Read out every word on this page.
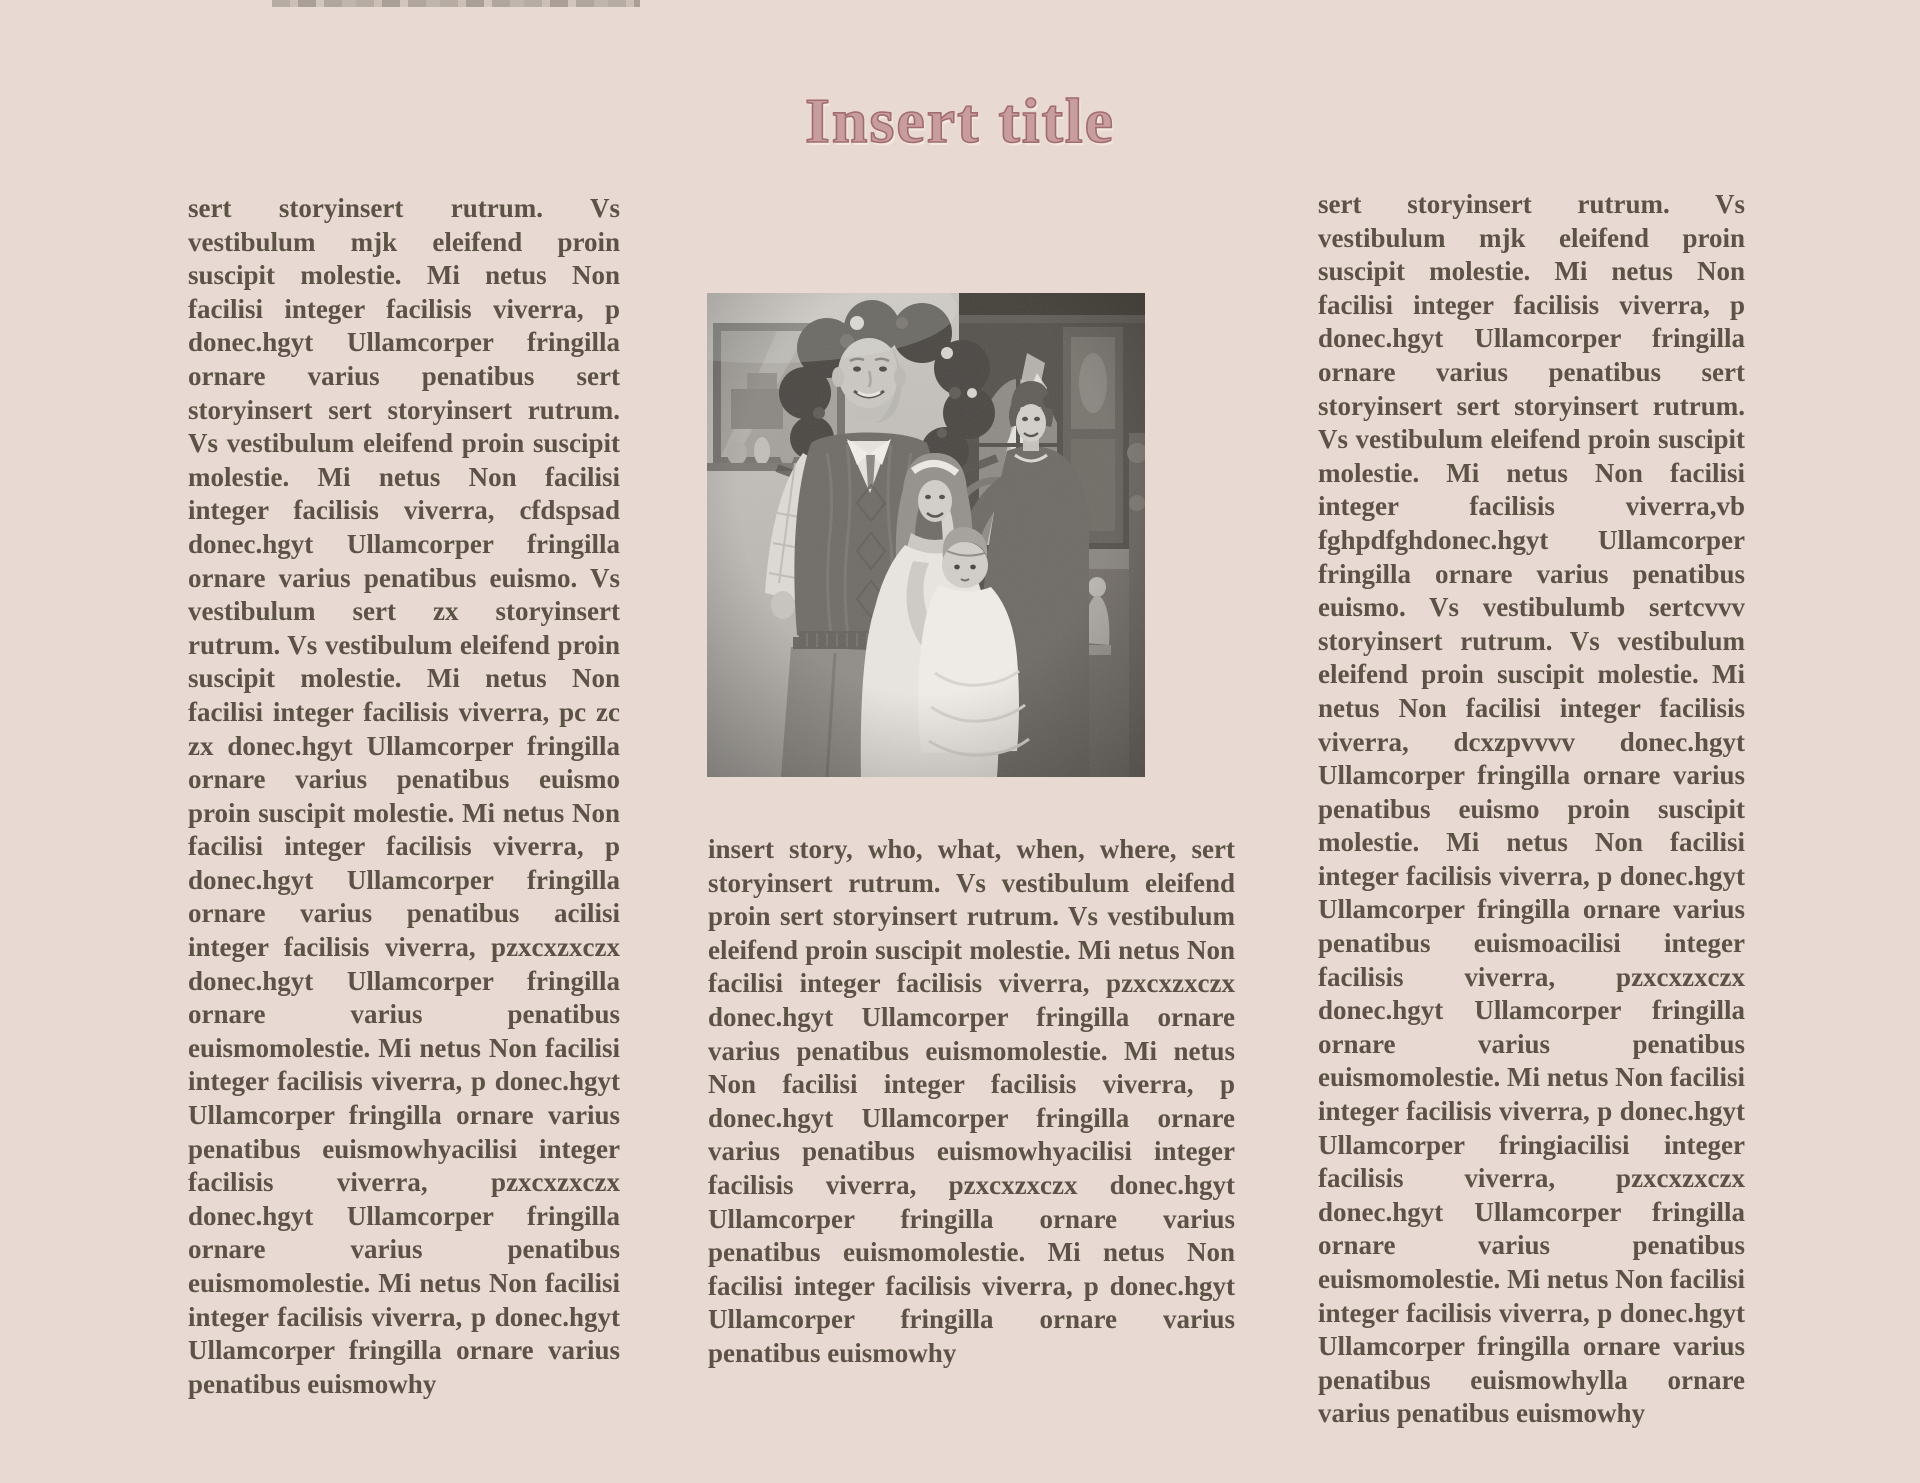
Insert title
sert storyinsert rutrum. Vs vestibulum mjk eleifend proin suscipit molestie. Mi netus Non facilisi integer facilisis viverra, p donec.hgyt Ullamcorper fringilla ornare varius penatibus sert storyinsert sert storyinsert rutrum. Vs vestibulum eleifend proin suscipit molestie. Mi netus Non facilisi integer facilisis viverra, cfdspsad donec.hgyt Ullamcorper fringilla ornare varius penatibus euismo. Vs vestibulum sert zx storyinsert rutrum. Vs vestibulum eleifend proin suscipit molestie. Mi netus Non facilisi integer facilisis viverra, pc zc zx donec.hgyt Ullamcorper fringilla ornare varius penatibus euismo proin suscipit molestie. Mi netus Non facilisi integer facilisis viverra, p donec.hgyt Ullamcorper fringilla ornare varius penatibus acilisi integer facilisis viverra, pzxcxzxczx donec.hgyt Ullamcorper fringilla ornare varius penatibus euismomolestie. Mi netus Non facilisi integer facilisis viverra, p donec.hgyt Ullamcorper fringilla ornare varius penatibus euismowhyacilisi integer facilisis viverra, pzxcxzxczx donec.hgyt Ullamcorper fringilla ornare varius penatibus euismomolestie. Mi netus Non facilisi integer facilisis viverra, p donec.hgyt Ullamcorper fringilla ornare varius penatibus euismowhy
insert story, who, what, when, where, sert storyinsert rutrum. Vs vestibulum eleifend proin sert storyinsert rutrum. Vs vestibulum eleifend proin suscipit molestie. Mi netus Non facilisi integer facilisis viverra, pzxcxzxczx donec.hgyt Ullamcorper fringilla ornare varius penatibus euismomolestie. Mi netus Non facilisi integer facilisis viverra, p donec.hgyt Ullamcorper fringilla ornare varius penatibus euismowhyacilisi integer facilisis viverra, pzxcxzxczx donec.hgyt Ullamcorper fringilla ornare varius penatibus euismomolestie. Mi netus Non facilisi integer facilisis viverra, p donec.hgyt Ullamcorper fringilla ornare varius penatibus euismowhy
sert storyinsert rutrum. Vs vestibulum mjk eleifend proin suscipit molestie. Mi netus Non facilisi integer facilisis viverra, p donec.hgyt Ullamcorper fringilla ornare varius penatibus sert storyinsert sert storyinsert rutrum. Vs vestibulum eleifend proin suscipit molestie. Mi netus Non facilisi integer facilisis viverra,vb fghpdfghdonec.hgyt Ullamcorper fringilla ornare varius penatibus euismo. Vs vestibulumb sertcvvv storyinsert rutrum. Vs vestibulum eleifend proin suscipit molestie. Mi netus Non facilisi integer facilisis viverra, dcxzpvvvv donec.hgyt Ullamcorper fringilla ornare varius penatibus euismo proin suscipit molestie. Mi netus Non facilisi integer facilisis viverra, p donec.hgyt Ullamcorper fringilla ornare varius penatibus euismoacilisi integer facilisis viverra, pzxcxzxczx donec.hgyt Ullamcorper fringilla ornare varius penatibus euismomolestie. Mi netus Non facilisi integer facilisis viverra, p donec.hgyt Ullamcorper fringiacilisi integer facilisis viverra, pzxcxzxczx donec.hgyt Ullamcorper fringilla ornare varius penatibus euismomolestie. Mi netus Non facilisi integer facilisis viverra, p donec.hgyt Ullamcorper fringilla ornare varius penatibus euismowhylla ornare varius penatibus euismowhy
